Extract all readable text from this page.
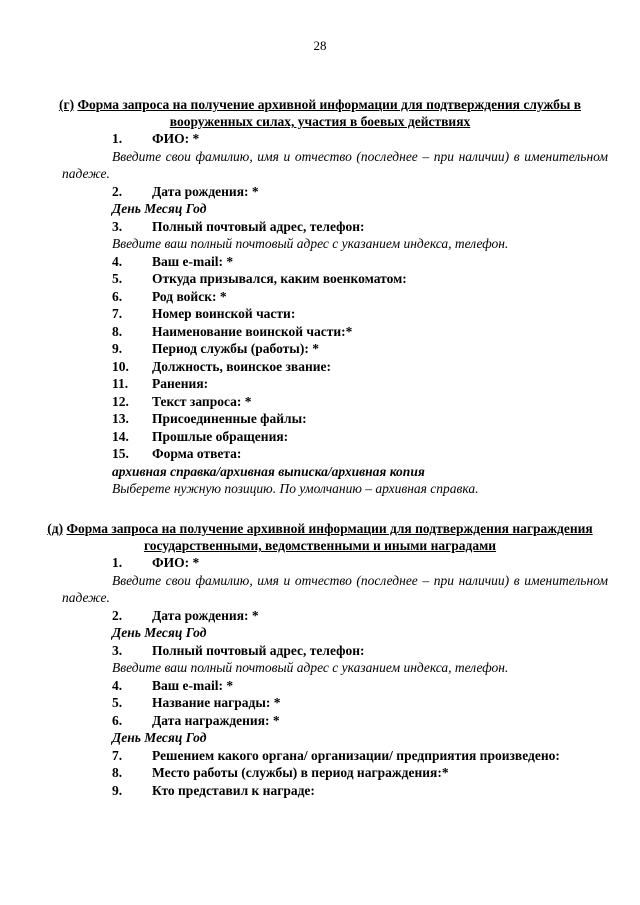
28
(г) Форма запроса на получение архивной информации для подтверждения службы в вооруженных силах, участия в боевых действиях
1. ФИО: *
Введите свои фамилию, имя и отчество (последнее – при наличии) в именительном падеже.
2. Дата рождения: *
День Месяц Год
3. Полный почтовый адрес, телефон:
Введите ваш полный почтовый адрес с указанием индекса, телефон.
4. Ваш e-mail: *
5. Откуда призывался, каким военкоматом:
6. Род войск: *
7. Номер воинской части:
8. Наименование воинской части:*
9. Период службы (работы): *
10. Должность, воинское звание:
11. Ранения:
12. Текст запроса: *
13. Присоединенные файлы:
14. Прошлые обращения:
15. Форма ответа:
архивная справка/архивная выписка/архивная копия
Выберете нужную позицию. По умолчанию – архивная справка.
(д) Форма запроса на получение архивной информации для подтверждения награждения государственными, ведомственными и иными наградами
1. ФИО: *
Введите свои фамилию, имя и отчество (последнее – при наличии) в именительном падеже.
2. Дата рождения: *
День Месяц Год
3. Полный почтовый адрес, телефон:
Введите ваш полный почтовый адрес с указанием индекса, телефон.
4. Ваш e-mail: *
5. Название награды: *
6. Дата награждения: *
День Месяц Год
7. Решением какого органа/ организации/ предприятия произведено:
8. Место работы (службы) в период награждения:*
9. Кто представил к награде:
